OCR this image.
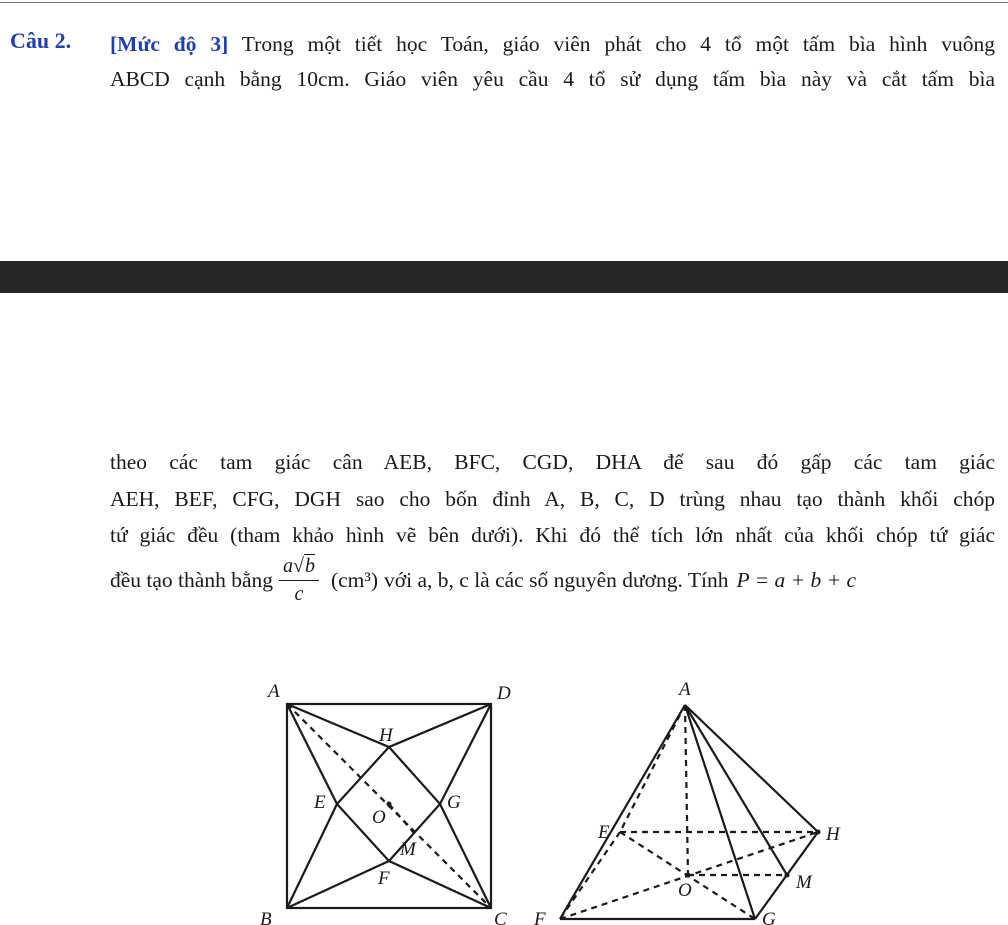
Câu 2. [Mức độ 3] Trong một tiết học Toán, giáo viên phát cho 4 tổ một tấm bìa hình vuông

ABCD cạnh bằng 10cm. Giáo viên yêu cầu 4 tổ sử dụng tấm bìa này và cắt tấm bìa

theo các tam giác cân AEB, BFC, CGD, DHA để sau đó gấp các tam giác

AEH, BEF, CFG, DGH sao cho bốn đỉnh A, B, C, D trùng nhau tạo thành khối chóp

tứ giác đều (tham khảo hình vẽ bên dưới). Khi đó thể tích lớn nhất của khối chóp tứ giác

đều tạo thành bằng $\frac{a√b}{c} (cm^3)$ với a, b, c là các số nguyên dương. Tính P = a + b + c
A	D
B	C
H
E	G
O
M
F
A
E	H
O	M
F	G
